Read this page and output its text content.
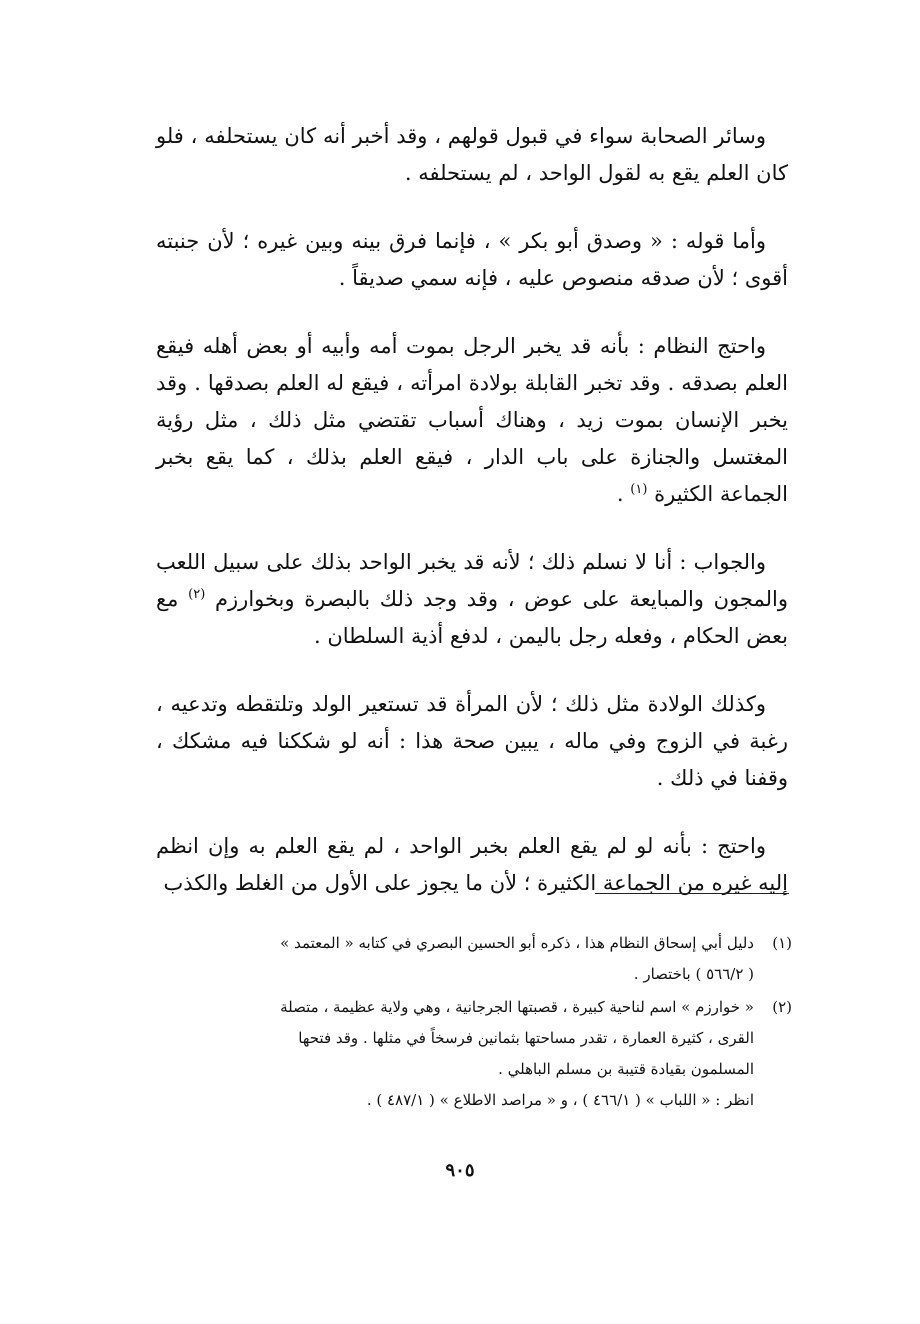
وسائر الصحابة سواء في قبول قولهم ، وقد أخبر أنه كان يستحلفه ، فلو كان العلم يقع به لقول الواحد ، لم يستحلفه .

وأما قوله : « وصدق أبو بكر » ، فإنما فرق بينه وبين غيره ؛ لأن جنبته أقوى ؛ لأن صدقه منصوص عليه ، فإنه سمي صديقاً .

واحتج النظام : بأنه قد يخبر الرجل بموت أمه وأبيه أو بعض أهله فيقع العلم بصدقه . وقد تخبر القابلة بولادة امرأته ، فيقع له العلم بصدقها . وقد يخبر الإنسان بموت زيد ، وهناك أسباب تقتضي مثل ذلك ، مثل رؤية المغتسل والجنازة على باب الدار ، فيقع العلم بذلك ، كما يقع بخبر الجماعة الكثيرة $^{(١)}$ .

والجواب : أنا لا نسلم ذلك ؛ لأنه قد يخبر الواحد بذلك على سبيل اللعب والمجون والمبايعة على عوض ، وقد وجد ذلك بالبصرة وبخوارزم $^{(٢)}$ مع بعض الحكام ، وفعله رجل باليمن ، لدفع أذية السلطان .

وكذلك الولادة مثل ذلك ؛ لأن المرأة قد تستعير الولد وتلتقطه وتدعيه ، رغبة في الزوج وفي ماله ، يبين صحة هذا : أنه لو شككنا فيه مشكك ، وقفنا في ذلك .

واحتج : بأنه لو لم يقع العلم بخبر الواحد ، لم يقع العلم به وإن انظم إليه غيره من الجماعة الكثيرة ؛ لأن ما يجوز على الأول من الغلط والكذب

(١)
دليل أبي إسحاق النظام هذا ، ذكره أبو الحسين البصري في كتابه « المعتمد »
( ٥٦٦/٢ ) باختصار .
(٢)
« خوارزم » اسم لناحية كبيرة ، قصبتها الجرجانية ، وهي ولاية عظيمة ، متصلة
القرى ، كثيرة العمارة ، تقدر مساحتها بثمانين فرسخاً في مثلها . وقد فتحها
المسلمون بقيادة قتيبة بن مسلم الباهلي .
انظر : « اللباب » ( ٤٦٦/١ ) ، و « مراصد الاطلاع » ( ٤٨٧/١ ) .
٩٠٥
